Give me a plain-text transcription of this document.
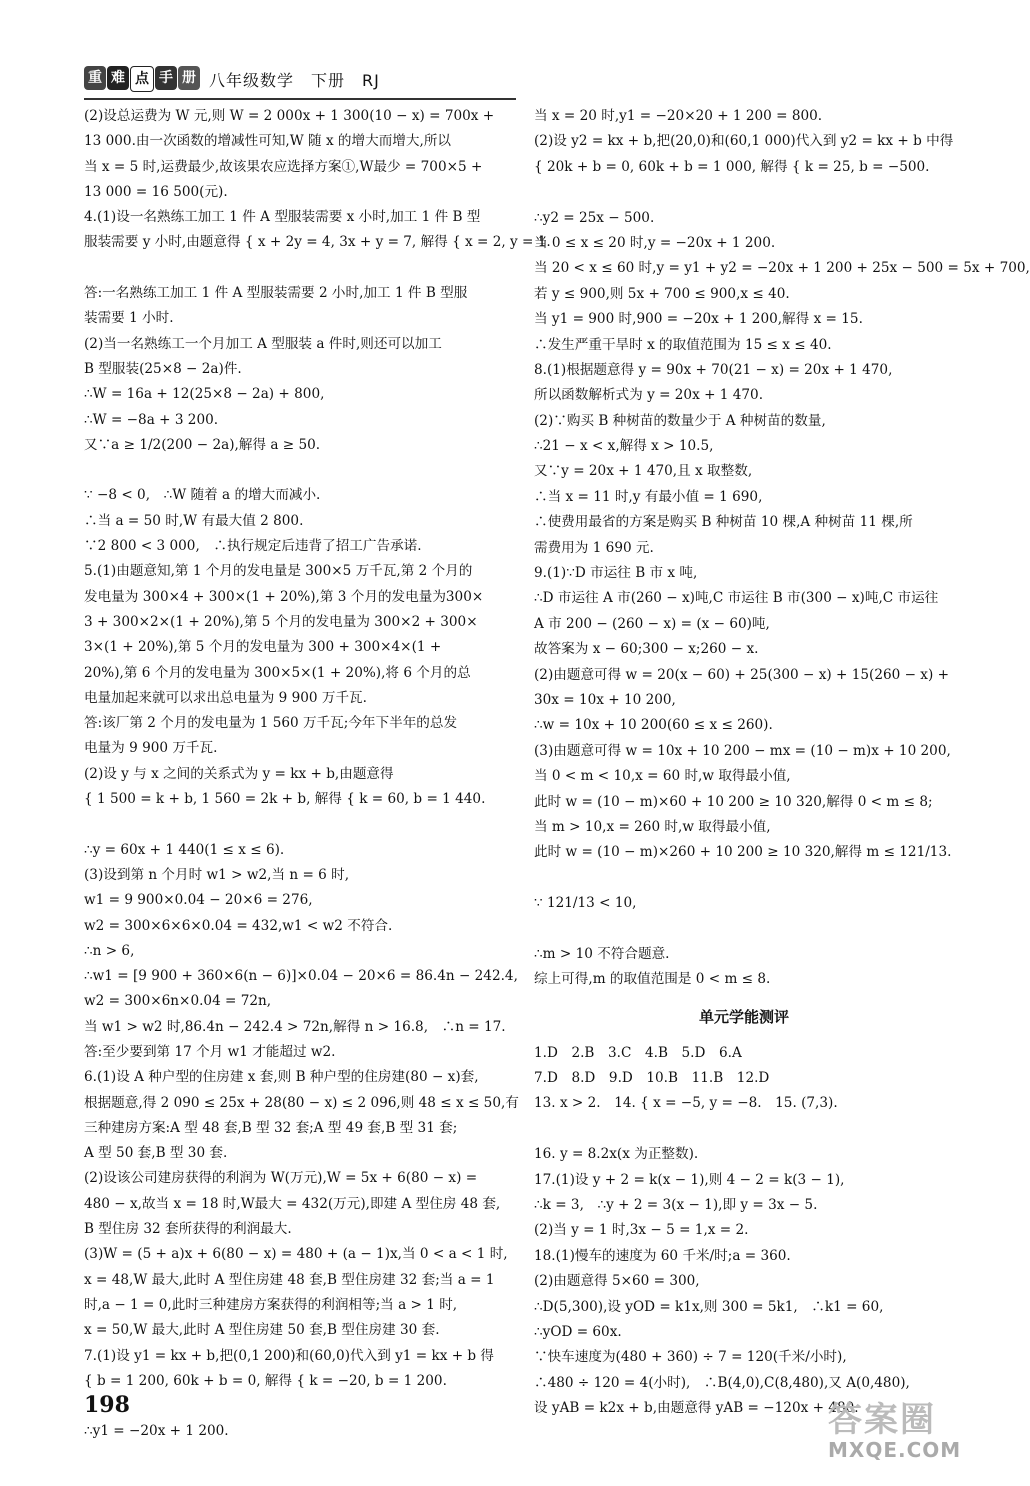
重 难 点 手 册 八年级数学　下册　RJ
(2)设总运费为 W 元,则 W = 2 000x + 1 300(10 − x) = 700x +
13 000.由一次函数的增减性可知,W 随 x 的增大而增大,所以
当 x = 5 时,运费最少,故该果农应选择方案①,W最少 = 700×5 +
13 000 = 16 500(元).
4.(1)设一名熟练工加工 1 件 A 型服装需要 x 小时,加工 1 件 B 型
服装需要 y 小时,由题意得 { x + 2y = 4, 3x + y = 7, 解得 { x = 2, y = 1.
答:一名熟练工加工 1 件 A 型服装需要 2 小时,加工 1 件 B 型服
装需要 1 小时.
(2)当一名熟练工一个月加工 A 型服装 a 件时,则还可以加工
B 型服装(25×8 − 2a)件.
∴W = 16a + 12(25×8 − 2a) + 800,
∴W = −8a + 3 200.
又∵a ≥ 1/2(200 − 2a),解得 a ≥ 50.
∵ −8 < 0,　∴W 随着 a 的增大而减小.
∴当 a = 50 时,W 有最大值 2 800.
∵2 800 < 3 000,　∴执行规定后违背了招工广告承诺.
5.(1)由题意知,第 1 个月的发电量是 300×5 万千瓦,第 2 个月的
发电量为 300×4 + 300×(1 + 20%),第 3 个月的发电量为300×
3 + 300×2×(1 + 20%),第 5 个月的发电量为 300×2 + 300×
3×(1 + 20%),第 5 个月的发电量为 300 + 300×4×(1 +
20%),第 6 个月的发电量为 300×5×(1 + 20%),将 6 个月的总
电量加起来就可以求出总电量为 9 900 万千瓦.
答:该厂第 2 个月的发电量为 1 560 万千瓦;今年下半年的总发
电量为 9 900 万千瓦.
(2)设 y 与 x 之间的关系式为 y = kx + b,由题意得
{ 1 500 = k + b, 1 560 = 2k + b, 解得 { k = 60, b = 1 440.
∴y = 60x + 1 440(1 ≤ x ≤ 6).
(3)设到第 n 个月时 w1 > w2,当 n = 6 时,
w1 = 9 900×0.04 − 20×6 = 276,
w2 = 300×6×6×0.04 = 432,w1 < w2 不符合.
∴n > 6,
∴w1 = [9 900 + 360×6(n − 6)]×0.04 − 20×6 = 86.4n − 242.4,
w2 = 300×6n×0.04 = 72n,
当 w1 > w2 时,86.4n − 242.4 > 72n,解得 n > 16.8,　∴n = 17.
答:至少要到第 17 个月 w1 才能超过 w2.
6.(1)设 A 种户型的住房建 x 套,则 B 种户型的住房建(80 − x)套,
根据题意,得 2 090 ≤ 25x + 28(80 − x) ≤ 2 096,则 48 ≤ x ≤ 50,有
三种建房方案:A 型 48 套,B 型 32 套;A 型 49 套,B 型 31 套;
A 型 50 套,B 型 30 套.
(2)设该公司建房获得的利润为 W(万元),W = 5x + 6(80 − x) =
480 − x,故当 x = 18 时,W最大 = 432(万元),即建 A 型住房 48 套,
B 型住房 32 套所获得的利润最大.
(3)W = (5 + a)x + 6(80 − x) = 480 + (a − 1)x,当 0 < a < 1 时,
x = 48,W 最大,此时 A 型住房建 48 套,B 型住房建 32 套;当 a = 1
时,a − 1 = 0,此时三种建房方案获得的利润相等;当 a > 1 时,
x = 50,W 最大,此时 A 型住房建 50 套,B 型住房建 30 套.
7.(1)设 y1 = kx + b,把(0,1 200)和(60,0)代入到 y1 = kx + b 得
{ b = 1 200, 60k + b = 0, 解得 { k = −20, b = 1 200.
∴y1 = −20x + 1 200.
当 x = 20 时,y1 = −20×20 + 1 200 = 800.
(2)设 y2 = kx + b,把(20,0)和(60,1 000)代入到 y2 = kx + b 中得
{ 20k + b = 0, 60k + b = 1 000, 解得 { k = 25, b = −500.
∴y2 = 25x − 500.
当 0 ≤ x ≤ 20 时,y = −20x + 1 200.
当 20 < x ≤ 60 时,y = y1 + y2 = −20x + 1 200 + 25x − 500 = 5x + 700,
若 y ≤ 900,则 5x + 700 ≤ 900,x ≤ 40.
当 y1 = 900 时,900 = −20x + 1 200,解得 x = 15.
∴发生严重干旱时 x 的取值范围为 15 ≤ x ≤ 40.
8.(1)根据题意得 y = 90x + 70(21 − x) = 20x + 1 470,
所以函数解析式为 y = 20x + 1 470.
(2)∵购买 B 种树苗的数量少于 A 种树苗的数量,
∴21 − x < x,解得 x > 10.5,
又∵y = 20x + 1 470,且 x 取整数,
∴当 x = 11 时,y 有最小值 = 1 690,
∴使费用最省的方案是购买 B 种树苗 10 棵,A 种树苗 11 棵,所
需费用为 1 690 元.
9.(1)∵D 市运往 B 市 x 吨,
∴D 市运往 A 市(260 − x)吨,C 市运往 B 市(300 − x)吨,C 市运往
A 市 200 − (260 − x) = (x − 60)吨,
故答案为 x − 60;300 − x;260 − x.
(2)由题意可得 w = 20(x − 60) + 25(300 − x) + 15(260 − x) +
30x = 10x + 10 200,
∴w = 10x + 10 200(60 ≤ x ≤ 260).
(3)由题意可得 w = 10x + 10 200 − mx = (10 − m)x + 10 200,
当 0 < m < 10,x = 60 时,w 取得最小值,
此时 w = (10 − m)×60 + 10 200 ≥ 10 320,解得 0 < m ≤ 8;
当 m > 10,x = 260 时,w 取得最小值,
此时 w = (10 − m)×260 + 10 200 ≥ 10 320,解得 m ≤ 121/13.
∵ 121/13 < 10,
∴m > 10 不符合题意.
综上可得,m 的取值范围是 0 < m ≤ 8.
单元学能测评
1.D　2.B　3.C　4.B　5.D　6.A
7.D　8.D　9.D　10.B　11.B　12.D
13. x > 2.　14. { x = −5, y = −8.　15. (7,3).
16. y = 8.2x(x 为正整数).
17.(1)设 y + 2 = k(x − 1),则 4 − 2 = k(3 − 1),
∴k = 3,　∴y + 2 = 3(x − 1),即 y = 3x − 5.
(2)当 y = 1 时,3x − 5 = 1,x = 2.
18.(1)慢车的速度为 60 千米/时;a = 360.
(2)由题意得 5×60 = 300,
∴D(5,300),设 yOD = k1x,则 300 = 5k1,　∴k1 = 60,
∴yOD = 60x.
∵快车速度为(480 + 360) ÷ 7 = 120(千米/小时),
∴480 ÷ 120 = 4(小时),　∴B(4,0),C(8,480),又 A(0,480),
设 yAB = k2x + b,由题意得 yAB = −120x + 480.
198	答案圈
MXQE.COM
